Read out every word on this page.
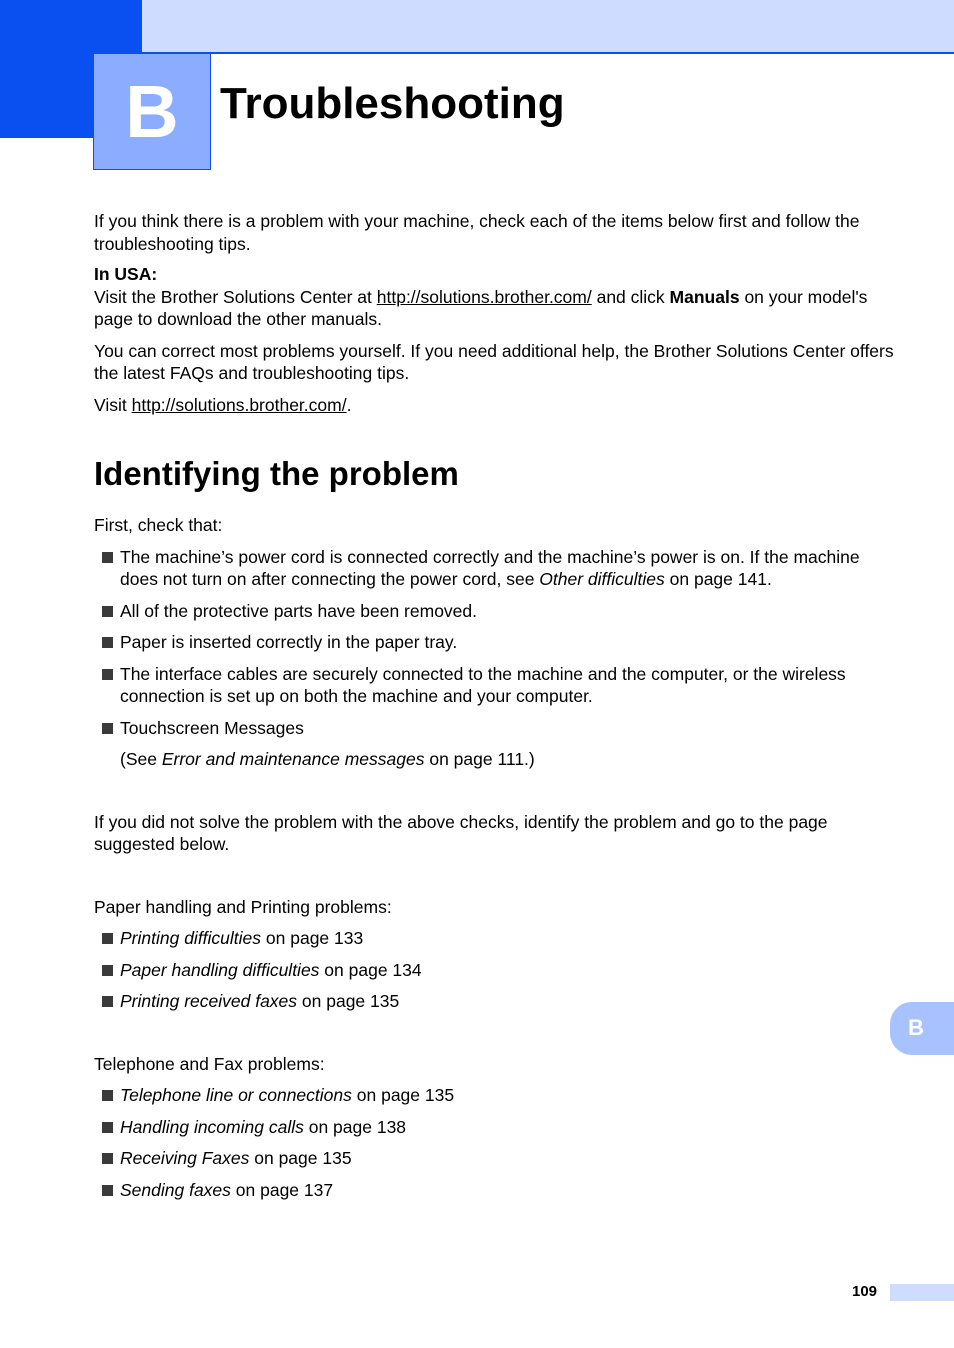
B Troubleshooting

If you think there is a problem with your machine, check each of the items below first and follow the troubleshooting tips.

In USA:

Visit the Brother Solutions Center at http://solutions.brother.com/ and click Manuals on your model's page to download the other manuals.

You can correct most problems yourself. If you need additional help, the Brother Solutions Center offers the latest FAQs and troubleshooting tips.

Visit http://solutions.brother.com/.

Identifying the problem

First, check that:

The machine’s power cord is connected correctly and the machine’s power is on. If the machine does not turn on after connecting the power cord, see Other difficulties on page 141.
All of the protective parts have been removed.
Paper is inserted correctly in the paper tray.
The interface cables are securely connected to the machine and the computer, or the wireless connection is set up on both the machine and your computer.
Touchscreen Messages

(See Error and maintenance messages on page 111.)

If you did not solve the problem with the above checks, identify the problem and go to the page suggested below.

Paper handling and Printing problems:

Printing difficulties on page 133
Paper handling difficulties on page 134
Printing received faxes on page 135

Telephone and Fax problems:

Telephone line or connections on page 135
Handling incoming calls on page 138
Receiving Faxes on page 135
Sending faxes on page 137
B
109
